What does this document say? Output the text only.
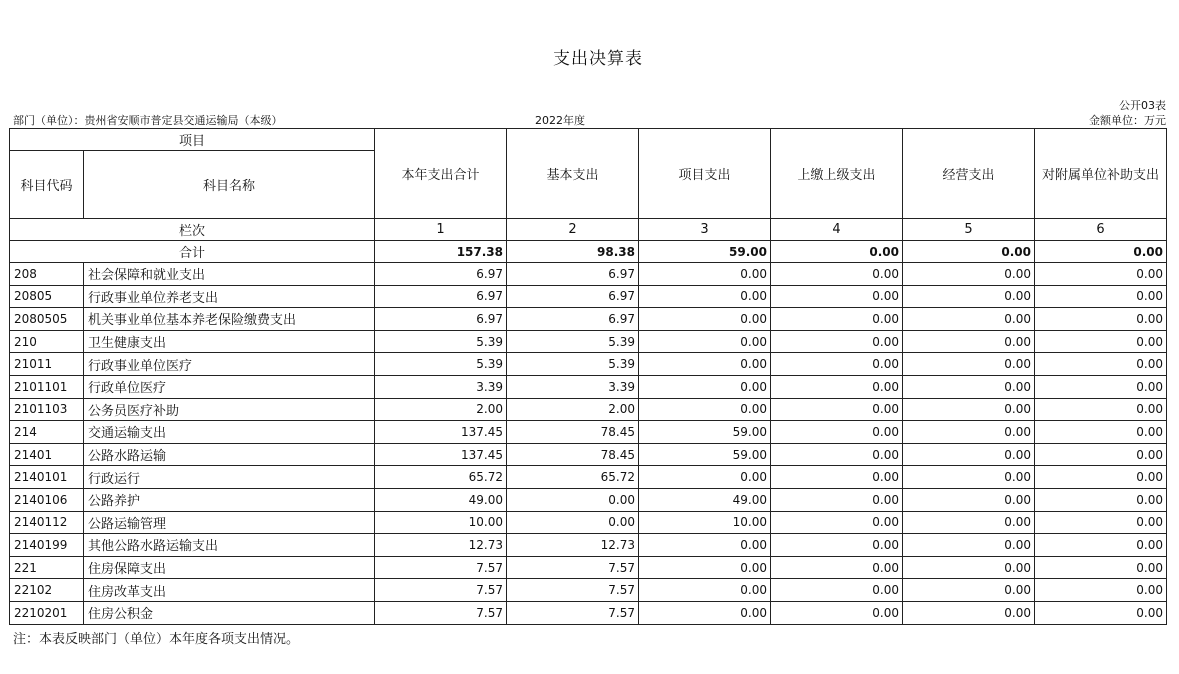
支出决算表
部门（单位）：贵州省安顺市普定县交通运输局（本级）	2022年度
公开03表
金额单位：万元
项目		本年支出合计	基本支出	项目支出	上缴上级支出	经营支出	对附属单位补助支出
科目代码	科目名称						
栏次		1	2	3	4	5	6
合计		157.38	98.38	59.00	0.00	0.00	0.00
208	社会保障和就业支出	6.97	6.97	0.00	0.00	0.00	0.00
20805	行政事业单位养老支出	6.97	6.97	0.00	0.00	0.00	0.00
2080505	机关事业单位基本养老保险缴费支出	6.97	6.97	0.00	0.00	0.00	0.00
210	卫生健康支出	5.39	5.39	0.00	0.00	0.00	0.00
21011	行政事业单位医疗	5.39	5.39	0.00	0.00	0.00	0.00
2101101	行政单位医疗	3.39	3.39	0.00	0.00	0.00	0.00
2101103	公务员医疗补助	2.00	2.00	0.00	0.00	0.00	0.00
214	交通运输支出	137.45	78.45	59.00	0.00	0.00	0.00
21401	公路水路运输	137.45	78.45	59.00	0.00	0.00	0.00
2140101	行政运行	65.72	65.72	0.00	0.00	0.00	0.00
2140106	公路养护	49.00	0.00	49.00	0.00	0.00	0.00
2140112	公路运输管理	10.00	0.00	10.00	0.00	0.00	0.00
2140199	其他公路水路运输支出	12.73	12.73	0.00	0.00	0.00	0.00
221	住房保障支出	7.57	7.57	0.00	0.00	0.00	0.00
22102	住房改革支出	7.57	7.57	0.00	0.00	0.00	0.00
2210201	住房公积金	7.57	7.57	0.00	0.00	0.00	0.00
注：本表反映部门（单位）本年度各项支出情况。
